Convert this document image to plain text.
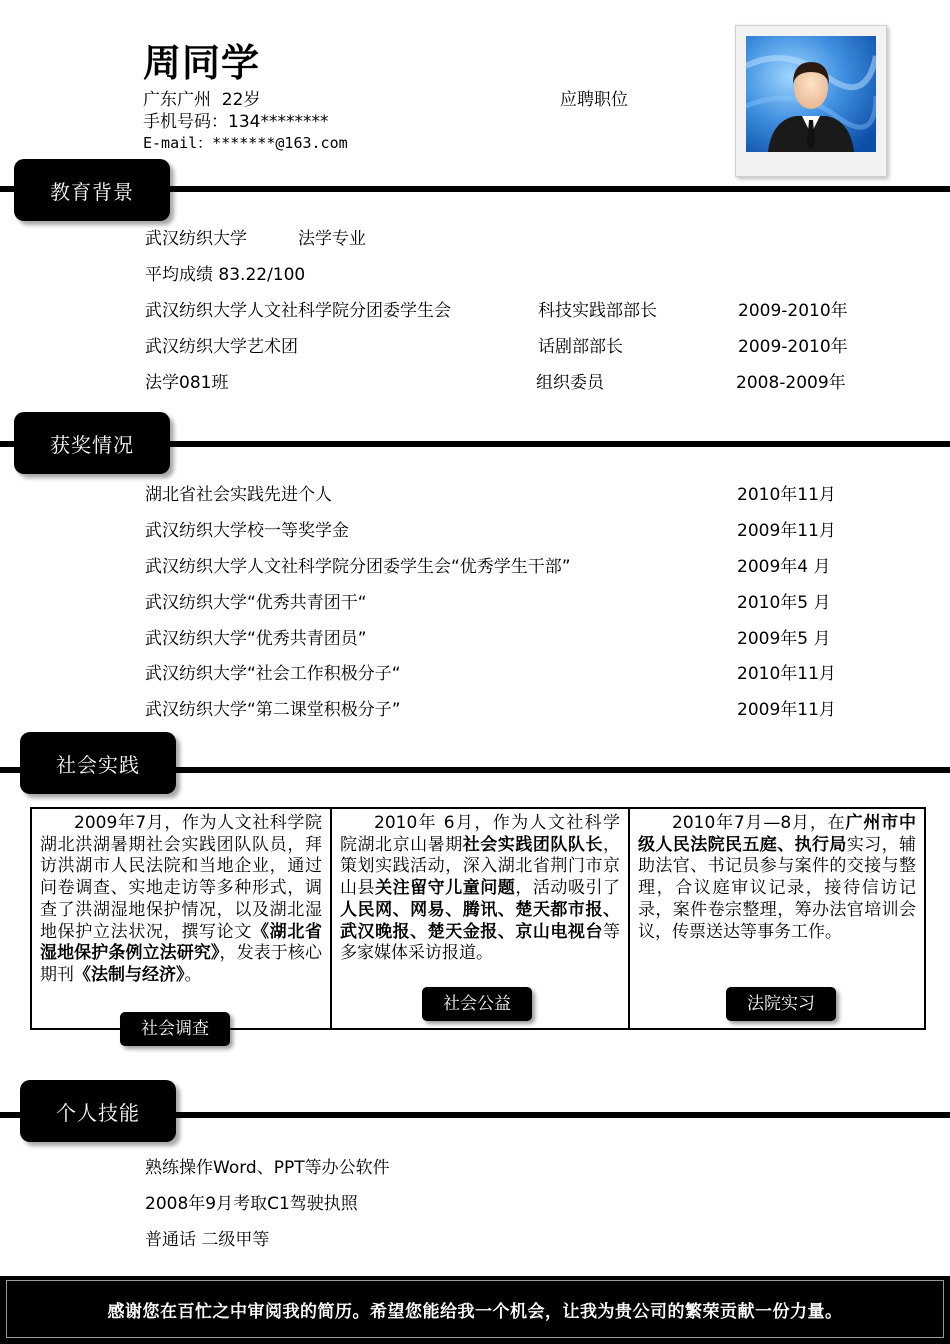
周同学
广东广州  22岁	应聘职位
手机号码：134********
E-mail：*******@163.com
教育背景
武汉纺织大学	法学专业

平均成绩 83.22/100

武汉纺织大学人文社科学院分团委学生会	科技实践部部长	2009-2010年
武汉纺织大学艺术团	话剧部部长	2009-2010年
法学081班	组织委员	2008-2009年
获奖情况
湖北省社会实践先进个人	2010年11月
武汉纺织大学校一等奖学金	2009年11月
武汉纺织大学人文社科学院分团委学生会“优秀学生干部”	2009年4 月
武汉纺织大学“优秀共青团干“	2010年5 月
武汉纺织大学“优秀共青团员”	2009年5 月
武汉纺织大学“社会工作积极分子“	2010年11月
武汉纺织大学“第二课堂积极分子”	2009年11月
社会实践
2009年7月，作为人文社科学院湖北洪湖暑期社会实践团队队员，拜访洪湖市人民法院和当地企业，通过问卷调查、实地走访等多种形式，调查了洪湖湿地保护情况，以及湖北湿地保护立法状况，撰写论文《湖北省湿地保护条例立法研究》，发表于核心期刊《法制与经济》。
社会调查
2010年 6月，作为人文社科学院湖北京山暑期社会实践团队队长，策划实践活动，深入湖北省荆门市京山县关注留守儿童问题，活动吸引了人民网、网易、腾讯、楚天都市报、武汉晚报、楚天金报、京山电视台等多家媒体采访报道。
社会公益
2010年7月—8月，在广州市中级人民法院民五庭、执行局实习，辅助法官、书记员参与案件的交接与整理，合议庭审议记录，接待信访记录，案件卷宗整理，筹办法官培训会议，传票送达等事务工作。
法院实习
个人技能
熟练操作Word、PPT等办公软件
2008年9月考取C1驾驶执照
普通话 二级甲等
感谢您在百忙之中审阅我的简历。希望您能给我一个机会，让我为贵公司的繁荣贡献一份力量。
